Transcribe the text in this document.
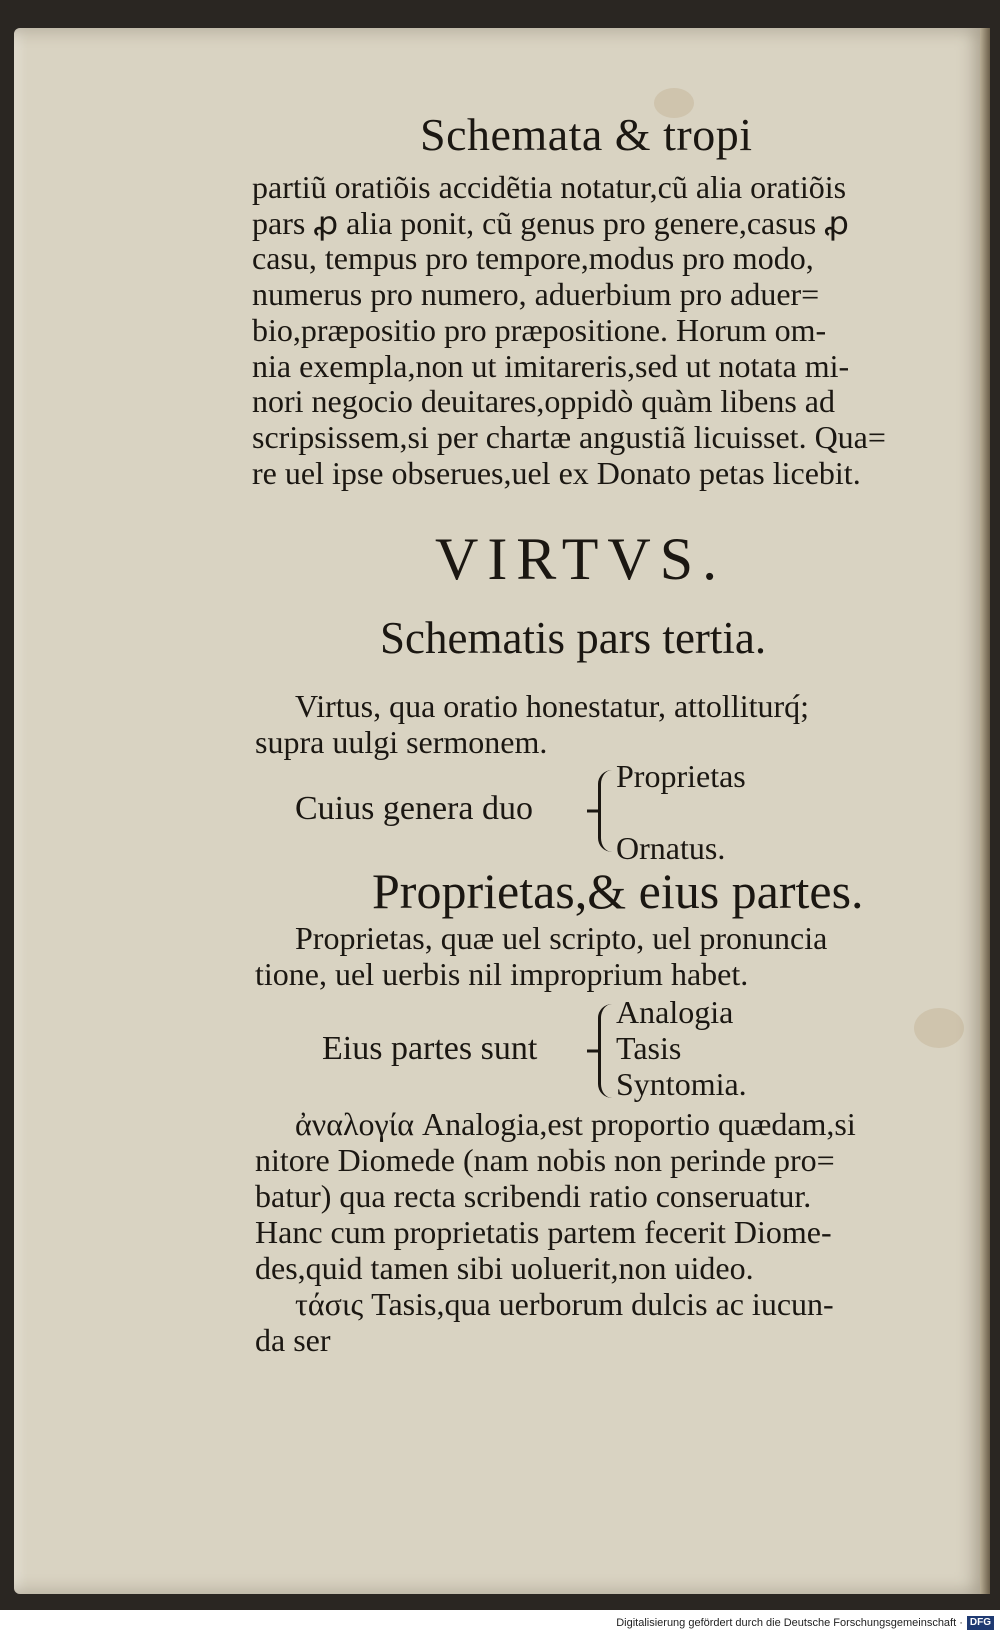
Schemata & tropi
partiũ oratiõis accidẽtia notatur,cũ alia oratiõis
pars ꝓ alia ponit, cũ genus pro genere,casus ꝓ
casu, tempus pro tempore,modus pro modo,
numerus pro numero, aduerbium pro aduer=
bio,præpositio pro præpositione. Horum om-
nia exempla,non ut imitareris,sed ut notata mi-
nori negocio deuitares,oppidò quàm libens ad
scripsissem,si per chartæ angustiã licuisset. Qua=
re uel ipse obserues,uel ex Donato petas licebit.
VIRTVS.
Schematis pars tertia.
Virtus, qua oratio honestatur, attolliturq́;
supra uulgi sermonem.
Cuius genera duo
Proprietas
Ornatus.
Proprietas,& eius partes.
Proprietas, quæ uel scripto, uel pronuncia
tione, uel uerbis nil improprium habet.
Eius partes sunt
Analogia
Tasis
Syntomia.
ἀναλογία Analogia,est proportio quædam,si
nitore Diomede (nam nobis non perinde pro=
batur) qua recta scribendi ratio conseruatur.
Hanc cum proprietatis partem fecerit Diome-
des,quid tamen sibi uoluerit,non uideo.
τάσις Tasis,qua uerborum dulcis ac iucun-
da ser
Digitalisierung gefördert durch die Deutsche Forschungsgemeinschaft · DFG
